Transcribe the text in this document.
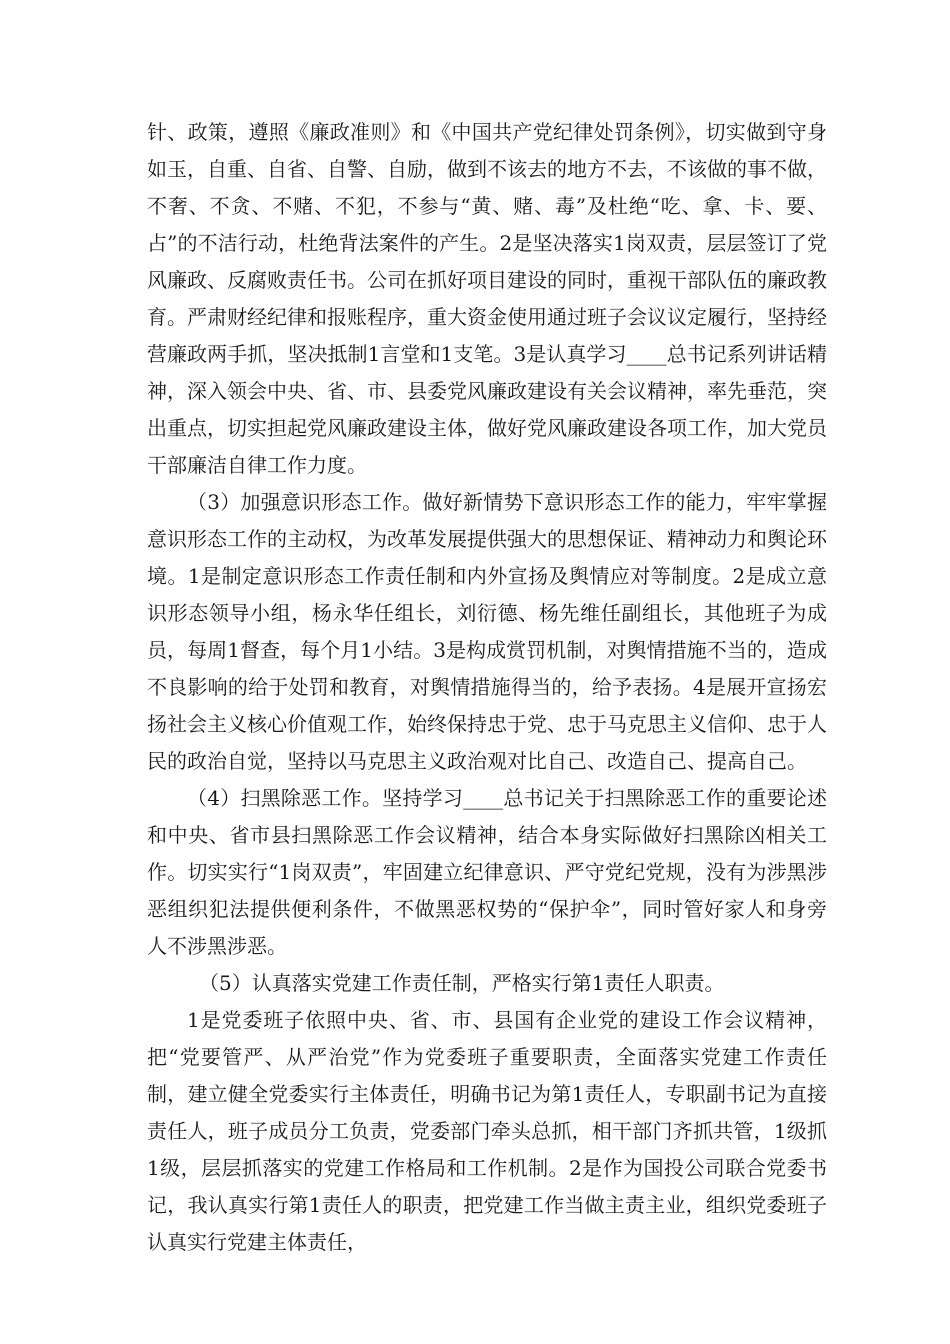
针、政策，遵照《廉政准则》和《中国共产党纪律处罚条例》，切实做到守身如玉，自重、自省、自警、自励，做到不该去的地方不去，不该做的事不做，不奢、不贪、不赌、不犯，不参与“黄、赌、毒”及杜绝“吃、拿、卡、要、占”的不洁行动，杜绝背法案件的产生。2是坚决落实1岗双责，层层签订了党风廉政、反腐败责任书。公司在抓好项目建设的同时，重视干部队伍的廉政教育。严肃财经纪律和报账程序，重大资金使用通过班子会议议定履行，坚持经营廉政两手抓，坚决抵制1言堂和1支笔。3是认真学习____总书记系列讲话精神，深入领会中央、省、市、县委党风廉政建设有关会议精神，率先垂范，突出重点，切实担起党风廉政建设主体，做好党风廉政建设各项工作，加大党员干部廉洁自律工作力度。

（3）加强意识形态工作。做好新情势下意识形态工作的能力，牢牢掌握意识形态工作的主动权，为改革发展提供强大的思想保证、精神动力和舆论环境。1是制定意识形态工作责任制和内外宣扬及舆情应对等制度。2是成立意识形态领导小组，杨永华任组长，刘衍德、杨先维任副组长，其他班子为成员，每周1督查，每个月1小结。3是构成赏罚机制，对舆情措施不当的，造成不良影响的给于处罚和教育，对舆情措施得当的，给予表扬。4是展开宣扬宏扬社会主义核心价值观工作，始终保持忠于党、忠于马克思主义信仰、忠于人民的政治自觉，坚持以马克思主义政治观对比自己、改造自己、提高自己。

（4）扫黑除恶工作。坚持学习____总书记关于扫黑除恶工作的重要论述和中央、省市县扫黑除恶工作会议精神，结合本身实际做好扫黑除凶相关工作。切实实行“1岗双责”，牢固建立纪律意识、严守党纪党规，没有为涉黑涉恶组织犯法提供便利条件，不做黑恶权势的“保护伞”，同时管好家人和身旁人不涉黑涉恶。

（5）认真落实党建工作责任制，严格实行第1责任人职责。

1是党委班子依照中央、省、市、县国有企业党的建设工作会议精神，把“党要管严、从严治党”作为党委班子重要职责，全面落实党建工作责任制，建立健全党委实行主体责任，明确书记为第1责任人，专职副书记为直接责任人，班子成员分工负责，党委部门牵头总抓，相干部门齐抓共管，1级抓1级，层层抓落实的党建工作格局和工作机制。2是作为国投公司联合党委书记，我认真实行第1责任人的职责，把党建工作当做主责主业，组织党委班子认真实行党建主体责任，
